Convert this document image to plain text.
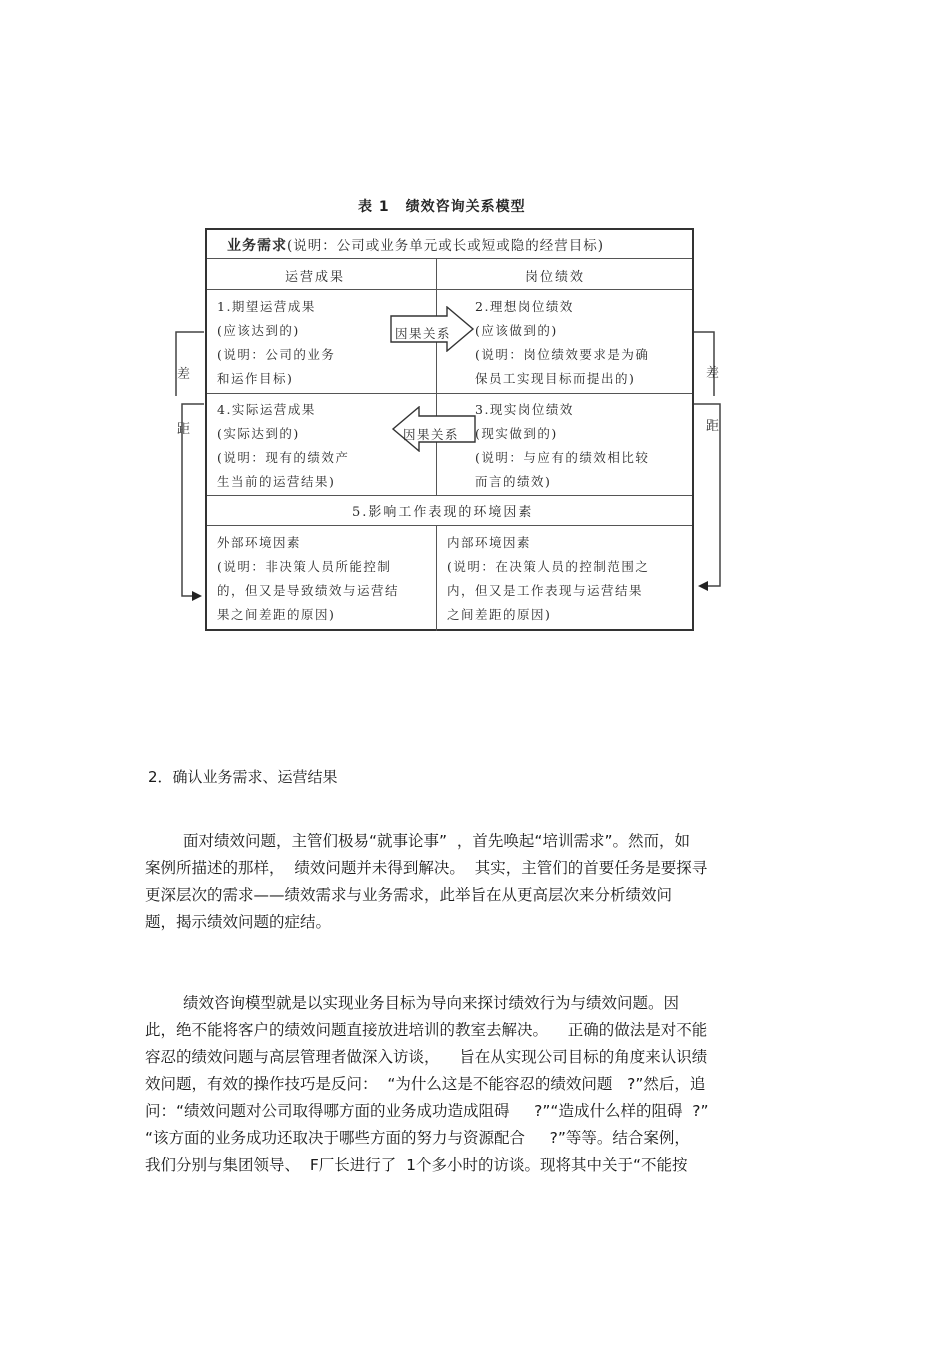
表 1 绩效咨询关系模型
差
距
差
距
业务需求(说明：公司或业务单元或长或短或隐的经营目标)
运营成果	岗位绩效
1.期望运营成果
(应该达到的)
(说明：公司的业务
和运作目标)
2.理想岗位绩效
(应该做到的)
(说明：岗位绩效要求是为确
保员工实现目标而提出的)
4.实际运营成果
(实际达到的)
(说明：现有的绩效产
生当前的运营结果)
3.现实岗位绩效
(现实做到的)
(说明：与应有的绩效相比较
而言的绩效)
因果关系
因果关系
5.影响工作表现的环境因素
外部环境因素
(说明：非决策人员所能控制
的，但又是导致绩效与运营结
果之间差距的原因)
内部环境因素
(说明：在决策人员的控制范围之
内，但又是工作表现与运营结果
之间差距的原因)
2．确认业务需求、运营结果
面对绩效问题，主管们极易“就事论事”  ，首先唤起“培训需求”。然而，如
案例所描述的那样，  绩效问题并未得到解决。  其实，主管们的首要任务是要探寻
更深层次的需求——绩效需求与业务需求，此举旨在从更高层次来分析绩效问
题，揭示绩效问题的症结。
绩效咨询模型就是以实现业务目标为导向来探讨绩效行为与绩效问题。因
此，绝不能将客户的绩效问题直接放进培训的教室去解决。    正确的做法是对不能
容忍的绩效问题与高层管理者做深入访谈，    旨在从实现公司目标的角度来认识绩
效问题，有效的操作技巧是反问：  “为什么这是不能容忍的绩效问题   ?”然后，追
问：“绩效问题对公司取得哪方面的业务成功造成阻碍     ?”“造成什么样的阻碍  ?”
“该方面的业务成功还取决于哪些方面的努力与资源配合     ?”等等。结合案例，
我们分别与集团领导、  F厂长进行了  1个多小时的访谈。现将其中关于“不能按
